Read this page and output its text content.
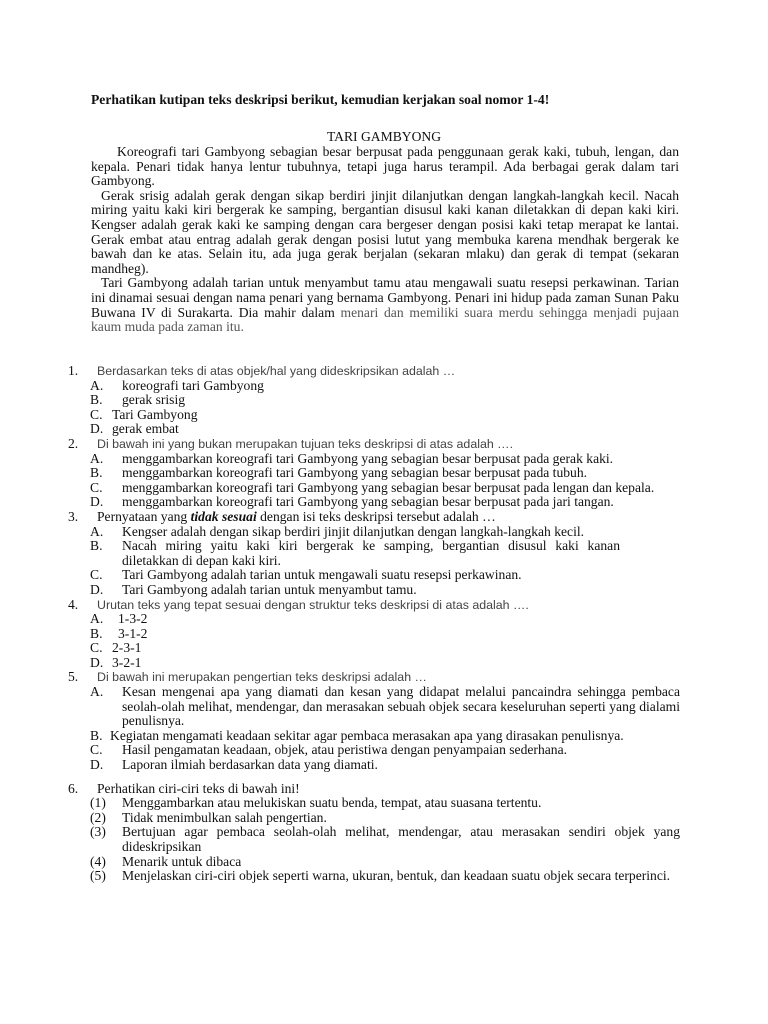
Perhatikan kutipan teks deskripsi berikut, kemudian kerjakan soal nomor 1-4!
TARI GAMBYONG

Koreografi tari Gambyong sebagian besar berpusat pada penggunaan gerak kaki, tubuh, lengan, dan kepala. Penari tidak hanya lentur tubuhnya, tetapi juga harus terampil. Ada berbagai gerak dalam tari Gambyong.

Gerak srisig adalah gerak dengan sikap berdiri jinjit dilanjutkan dengan langkah-langkah kecil. Nacah miring yaitu kaki kiri bergerak ke samping, bergantian disusul kaki kanan diletakkan di depan kaki kiri. Kengser adalah gerak kaki ke samping dengan cara bergeser dengan posisi kaki tetap merapat ke lantai. Gerak embat atau entrag adalah gerak dengan posisi lutut yang membuka karena mendhak bergerak ke bawah dan ke atas. Selain itu, ada juga gerak berjalan (sekaran mlaku) dan gerak di tempat (sekaran mandheg).

Tari Gambyong adalah tarian untuk menyambut tamu atau mengawali suatu resepsi perkawinan. Tarian ini dinamai sesuai dengan nama penari yang bernama Gambyong. Penari ini hidup pada zaman Sunan Paku Buwana IV di Surakarta. Dia mahir dalam menari dan memiliki suara merdu sehingga menjadi pujaan kaum muda pada zaman itu.

1.	Berdasarkan teks di atas objek/hal yang dideskripsikan adalah …
A.	koreografi tari Gambyong
B.	gerak srisig
C. Tari Gambyong
D. gerak embat
2.	Di bawah ini yang bukan merupakan tujuan teks deskripsi di atas adalah ….
A.	menggambarkan koreografi tari Gambyong yang sebagian besar berpusat pada gerak kaki.
B.	menggambarkan koreografi tari Gambyong yang sebagian besar berpusat pada tubuh.
C.	menggambarkan koreografi tari Gambyong yang sebagian besar berpusat pada lengan dan kepala.
D.	menggambarkan koreografi tari Gambyong yang sebagian besar berpusat pada jari tangan.
3.	Pernyataan yang tidak sesuai dengan isi teks deskripsi tersebut adalah …
A.	Kengser adalah dengan sikap berdiri jinjit dilanjutkan dengan langkah-langkah kecil.
B.	Nacah miring yaitu kaki kiri bergerak ke samping, bergantian disusul kaki kanan diletakkan di depan kaki kiri.
C.	Tari Gambyong adalah tarian untuk mengawali suatu resepsi perkawinan.
D.	Tari Gambyong adalah tarian untuk menyambut tamu.
4.	Urutan teks yang tepat sesuai dengan struktur teks deskripsi di atas adalah ….
A.	1-3-2
B.	3-1-2
C. 2-3-1
D. 3-2-1
5.	Di bawah ini merupakan pengertian teks deskripsi adalah …
A.	Kesan mengenai apa yang diamati dan kesan yang didapat melalui pancaindra sehingga pembaca seolah-olah melihat, mendengar, dan merasakan sebuah objek secara keseluruhan seperti yang dialami penulisnya.
B. Kegiatan mengamati keadaan sekitar agar pembaca merasakan apa yang dirasakan penulisnya.
C.	Hasil pengamatan keadaan, objek, atau peristiwa dengan penyampaian sederhana.
D.	Laporan ilmiah berdasarkan data yang diamati.
6.	Perhatikan ciri-ciri teks di bawah ini!
(1)	Menggambarkan atau melukiskan suatu benda, tempat, atau suasana tertentu.
(2)	Tidak menimbulkan salah pengertian.
(3)	Bertujuan agar pembaca seolah-olah melihat, mendengar, atau merasakan sendiri objek yang dideskripsikan
(4)	Menarik untuk dibaca
(5)	Menjelaskan ciri-ciri objek seperti warna, ukuran, bentuk, dan keadaan suatu objek secara terperinci.
